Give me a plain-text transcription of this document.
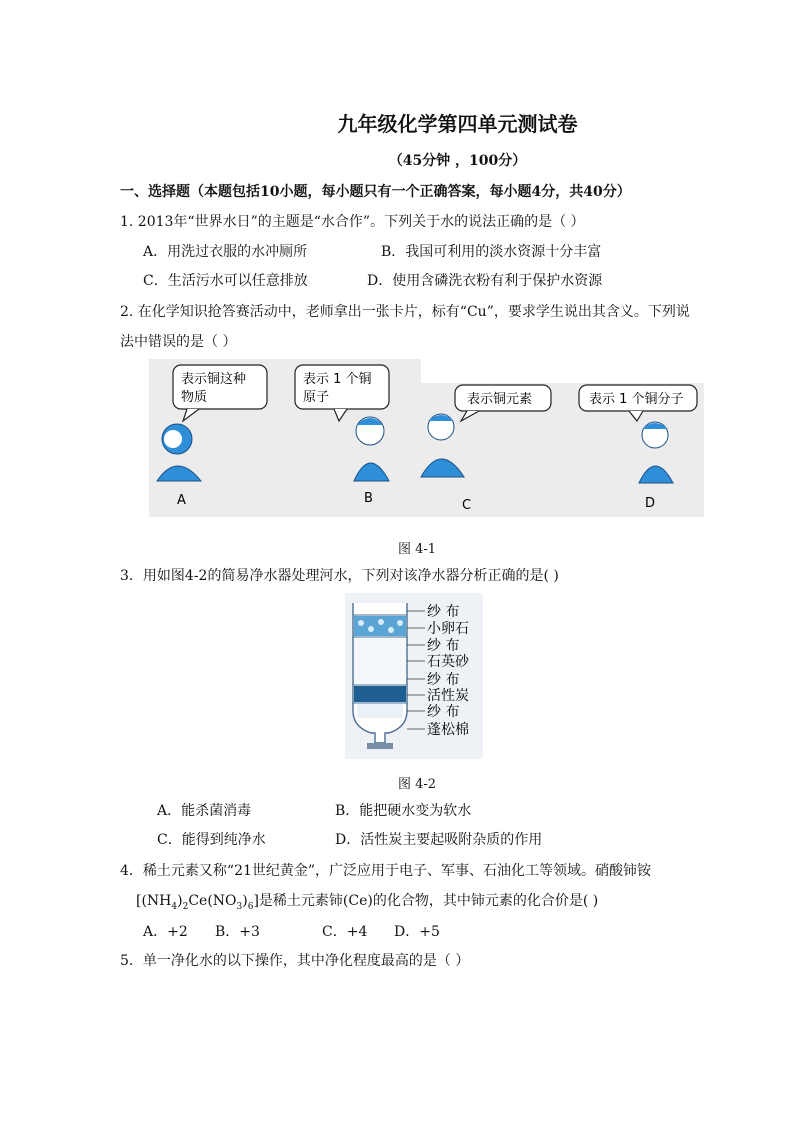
九年级化学第四单元测试卷
（45分钟 ，100分）
一、选择题（本题包括10小题，每小题只有一个正确答案，每小题4分，共40分）
1. 2013年“世界水日”的主题是“水合作”。下列关于水的说法正确的是（ ）
A．用洗过衣服的水冲厕所	B．我国可利用的淡水资源十分丰富
C．生活污水可以任意排放	D．使用含磷洗衣粉有利于保护水资源
2. 在化学知识抢答赛活动中，老师拿出一张卡片，标有“Cu”，要求学生说出其含义。下列说
法中错误的是（ ）
表示铜这种
物质
A
表示 1 个铜
原子
B
表示铜元素
C
表示 1 个铜分子
D
图 4-1
3．用如图4-2的简易净水器处理河水，下列对该净水器分析正确的是( )
纱 布
小卵石
纱 布
石英砂
纱 布
活性炭
纱 布
蓬松棉
图 4-2
A．能杀菌消毒	B．能把硬水变为软水
C．能得到纯净水	D．活性炭主要起吸附杂质的作用
4．稀土元素又称“21世纪黄金”，广泛应用于电子、军事、石油化工等领域。硝酸铈铵
$[(NH_4)_2Ce(NO_3)_6]$是稀土元素铈(Ce)的化合物，其中铈元素的化合价是( )
A．+2 B．+3	C．+4 D．+5
5．单一净化水的以下操作，其中净化程度最高的是（ ）
